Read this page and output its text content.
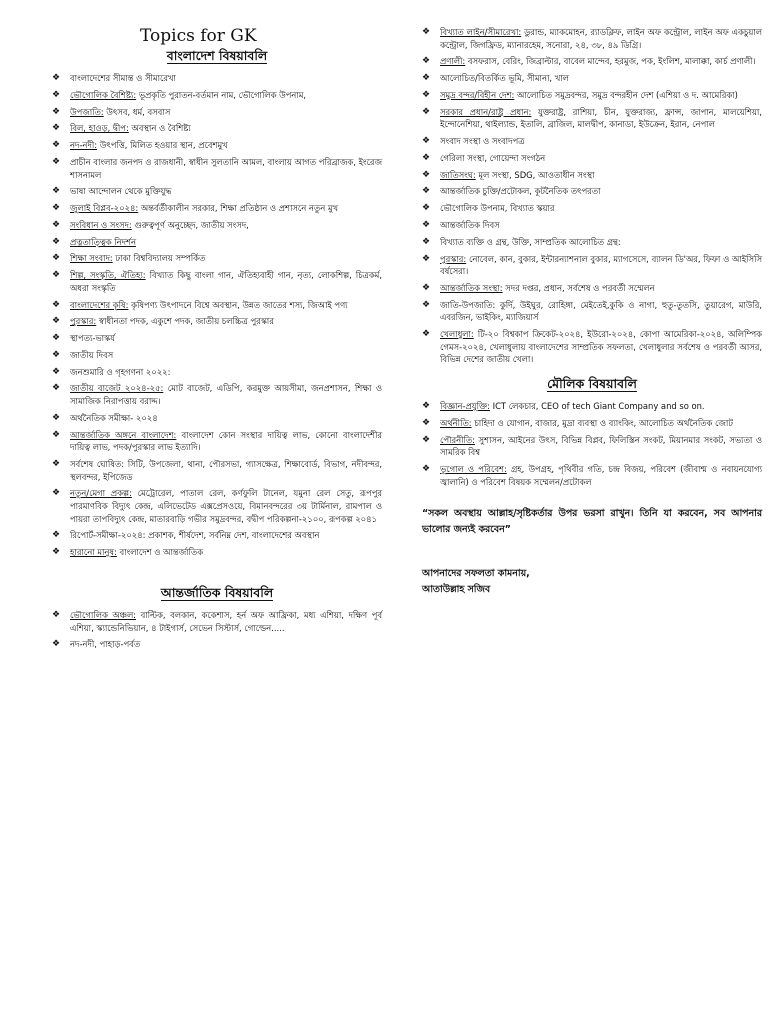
Topics for GK
বাংলাদেশ বিষয়াবলি
❖ বাংলাদেশের সীমান্ত ও সীমারেখা
❖ ভৌগোলিক বৈশিষ্ট্য: ভূপ্রকৃতি পুরাতন-বর্তমান নাম, ভৌগোলিক উপনাম,
❖ উপজাতি: উৎসব, ধর্ম, বসবাস
❖ বিল, হাওড়, দ্বীপ: অবস্থান ও বৈশিষ্ট্য
❖ নদ-নদী: উৎপত্তি, মিলিত হওয়ার স্থান, প্রবেশমুখ
❖ প্রাচীন বাংলার জনপদ ও রাজধানী, স্বাধীন সুলতানি আমল, বাংলায় আগত পরিব্রাজক, ইংরেজ শাসনামল
❖ ভাষা আন্দোলন থেকে মুক্তিযুদ্ধ
❖ জুলাই বিপ্লব-২০২৪: অন্তর্বর্তীকালীন সরকার, শিক্ষা প্রতিষ্ঠান ও প্রশাসনে নতুন মুখ
❖ সংবিধান ও সংসদ: গুরুত্বপূর্ণ অনুচ্ছেদ, জাতীয় সংসদ,
❖ প্রত্নতাত্ত্বিক নিদর্শন
❖ শিক্ষা সংবাদ: ঢাকা বিশ্ববিদ্যালয় সম্পর্কিত
❖ শিল্প, সংস্কৃতি, ঐতিহ্য: বিখ্যাত কিছু বাংলা গান, ঐতিহ্যবাহী গান, নৃত্য, লোকশিল্প, চিত্রকর্ম, অধরা সংস্কৃতি
❖ বাংলাদেশের কৃষি: কৃষিপণ্য উৎপাদনে বিশ্বে অবস্থান, উন্নত জাতের শস্য, জিআই পণ্য
❖ পুরস্কার: স্বাধীনতা পদক, একুশে পদক, জাতীয় চলচ্চিত্র পুরস্কার
❖ স্থাপত্য-ভাস্কর্য
❖ জাতীয় দিবস
❖ জনশুমারি ও গৃহগণনা ২০২২:
❖ জাতীয় বাজেট ২০২৪-২৫: মোট বাজেট, এডিপি, করমুক্ত আয়সীমা, জনপ্রশাসন, শিক্ষা ও সামাজিক নিরাপত্তায় বরাদ্দ।
❖ অর্থনৈতিক সমীক্ষা- ২০২৪
❖ আন্তর্জাতিক অঙ্গনে বাংলাদেশ: বাংলাদেশ কোন সংস্থার দায়িত্ব লাভ, কোনো বাংলাদেশীর দায়িত্ব লাভ, পদক/পুরস্কার লাভ ইত্যাদি।
❖ সর্বশেষ ঘোষিত: সিটি, উপজেলা, থানা, পৌরসভা, গ্যাসক্ষেত্র, শিক্ষাবোর্ড, বিভাগ, নদীবন্দর, স্থলবন্দর, ইপিজেড
❖ নতুন/মেগা প্রকল্প: মেট্রোরেল, পাতাল রেল, কর্ণফুলি টানেল, যমুনা রেল সেতু, রূপপুর পারমাণবিক বিদ্যুৎ কেন্দ্র, এলিভেটেড এক্সপ্রেসওয়ে, বিমানবন্দরের ৩য় টার্মিনাল, রামপাল ও পায়রা তাপবিদ্যুৎ কেন্দ্র, মাতারবাড়ি গভীর সমুদ্রবন্দর, বদ্বীপ পরিকল্পনা-২১০০, রূপকল্প ২০৪১
❖ রিপোর্ট-সমীক্ষা-২০২৪: প্রকাশক, শীর্ষদেশ, সর্বনিম্ন দেশ, বাংলাদেশের অবস্থান
❖ হারানো মানুষ: বাংলাদেশ ও আন্তর্জাতিক
আন্তর্জাতিক বিষয়াবলি
❖ ভৌগোলিক অঞ্চল: বাল্টিক, বলকান, ককেশাস, হর্ন অফ আফ্রিকা, মধ্য এশিয়া, দক্ষিণ পূর্ব এশিয়া, স্ক্যান্ডেনিভিয়ান, ৪ টাইগার্স, সেভেন সিস্টার্স, গোল্ডেন.....
❖ নদ-নদী, পাহাড়-পর্বত
❖ বিখ্যাত লাইন/সীমারেখা: ডুরান্ড, ম্যাকমোহন, র‍্যাডক্লিফ, লাইন অফ কন্ট্রোল, লাইন অফ একচুয়াল কন্ট্রোল, জিগফ্রিড, ম্যানারহেম, সনোরা, ২৪, ৩৮, ৪৯ ডিগ্রি।
❖ প্রণালী: বসফরাস, বেরিং, জিব্রাল্টার, বাবেল মান্দেব, হরমুজ, পক, ইংলিশ, মালাক্কা, কার্চ প্রণালী।
❖ আলোচিত/বিতর্কিত ভূমি, সীমানা, খাল
❖ সমুদ্র বন্দর/বিহীন দেশ: আলোচিত সমুদ্রবন্দর, সমুদ্র বন্দরহীন দেশ (এশিয়া ও দ. আমেরিকা)
❖ সরকার প্রধান/রাষ্ট্র প্রধান: যুক্তরাষ্ট্র, রাশিয়া, চীন, যুক্তরাজ্য, ফ্রান্স, জাপান, মালয়েশিয়া, ইন্দোনেশিয়া, থাইল্যান্ড, ইতালি, ব্রাজিল, মালদ্বীপ, কানাডা, ইউক্রেন, ইরান, নেপাল
❖ সংবাদ সংস্থা ও সংবাদপত্র
❖ গেরিলা সংস্থা, গোয়েন্দা সংগঠন
❖ জাতিসংঘ: মূল সংস্থা, SDG, আওতাধীন সংস্থা
❖ আন্তর্জাতিক চুক্তি/প্রটোকল, কূটনৈতিক তৎপরতা
❖ ভৌগোলিক উপনাম, বিখ্যাত স্কয়ার
❖ আন্তর্জাতিক দিবস
❖ বিখ্যাত ব্যক্তি ও গ্রন্থ, উক্তি, সাম্প্রতিক আলোচিত গ্রন্থ:
❖ পুরস্কার: নোবেল, কান, বুকার, ইন্টারন্যাশনাল বুকার, ম্যাগসেসে, ব্যালন ডি'অর, ফিফা ও আইসিসি বর্ষসেরা।
❖ আন্তর্জাতিক সংস্থা: সদর দপ্তর, প্রধান, সর্বশেষ ও পরবর্তী সম্মেলন
❖ জাতি-উপজাতি: কুর্দি, উইঘুর, রোহিঙ্গা, মেইতেই,কুকি ও নাগা, হুতু-তুতসি, তুয়ারেগ, মাউরি, এবরজিন, ভাইকিং, ম্যাজিয়ার্স
❖ খেলাধুলা: টি-২০ বিশ্বকাপ ক্রিকেট-২০২৪, ইউরো-২০২৪, কোপা আমেরিকা-২০২৪, অলিম্পিক গেমস-২০২৪, খেলাধুলায় বাংলাদেশের সাম্প্রতিক সফলতা, খেলাধুলার সর্বশেষ ও পরবর্তী আসর, বিভিন্ন দেশের জাতীয় খেলা।
মৌলিক বিষয়াবলি
❖ বিজ্ঞান-প্রযুক্তি: ICT লেকচার, CEO of tech Giant Company and so on.
❖ অর্থনীতি: চাহিদা ও যোগান, বাজার, মুদ্রা ব্যবস্থা ও ব্যাংকিং, আলোচিত অর্থনৈতিক জোট
❖ পৌরনীতি: সুশাসন, আইনের উৎস, বিভিন্ন বিপ্লব, ফিলিস্তিন সংকট, মিয়ানমার সংকট, সভ্যতা ও সামরিক বিশ্ব
❖ ভূগোল ও পরিবেশ: গ্রহ, উপগ্রহ, পৃথিবীর গতি, চন্দ্র বিজয়, পরিবেশ (জীবাশ্ম ও নবায়নযোগ্য জ্বালানি) ও পরিবেশ বিষয়ক সম্মেলন/প্রটোকল
“সকল অবস্থায় আল্লাহ/সৃষ্টিকর্তার উপর ভরসা রাখুন। তিনি যা করবেন, সব আপনার ভালোর জন্যই করবেন”
আপনাদের সফলতা কামনায়,
আতাউল্লাহ সজিব
